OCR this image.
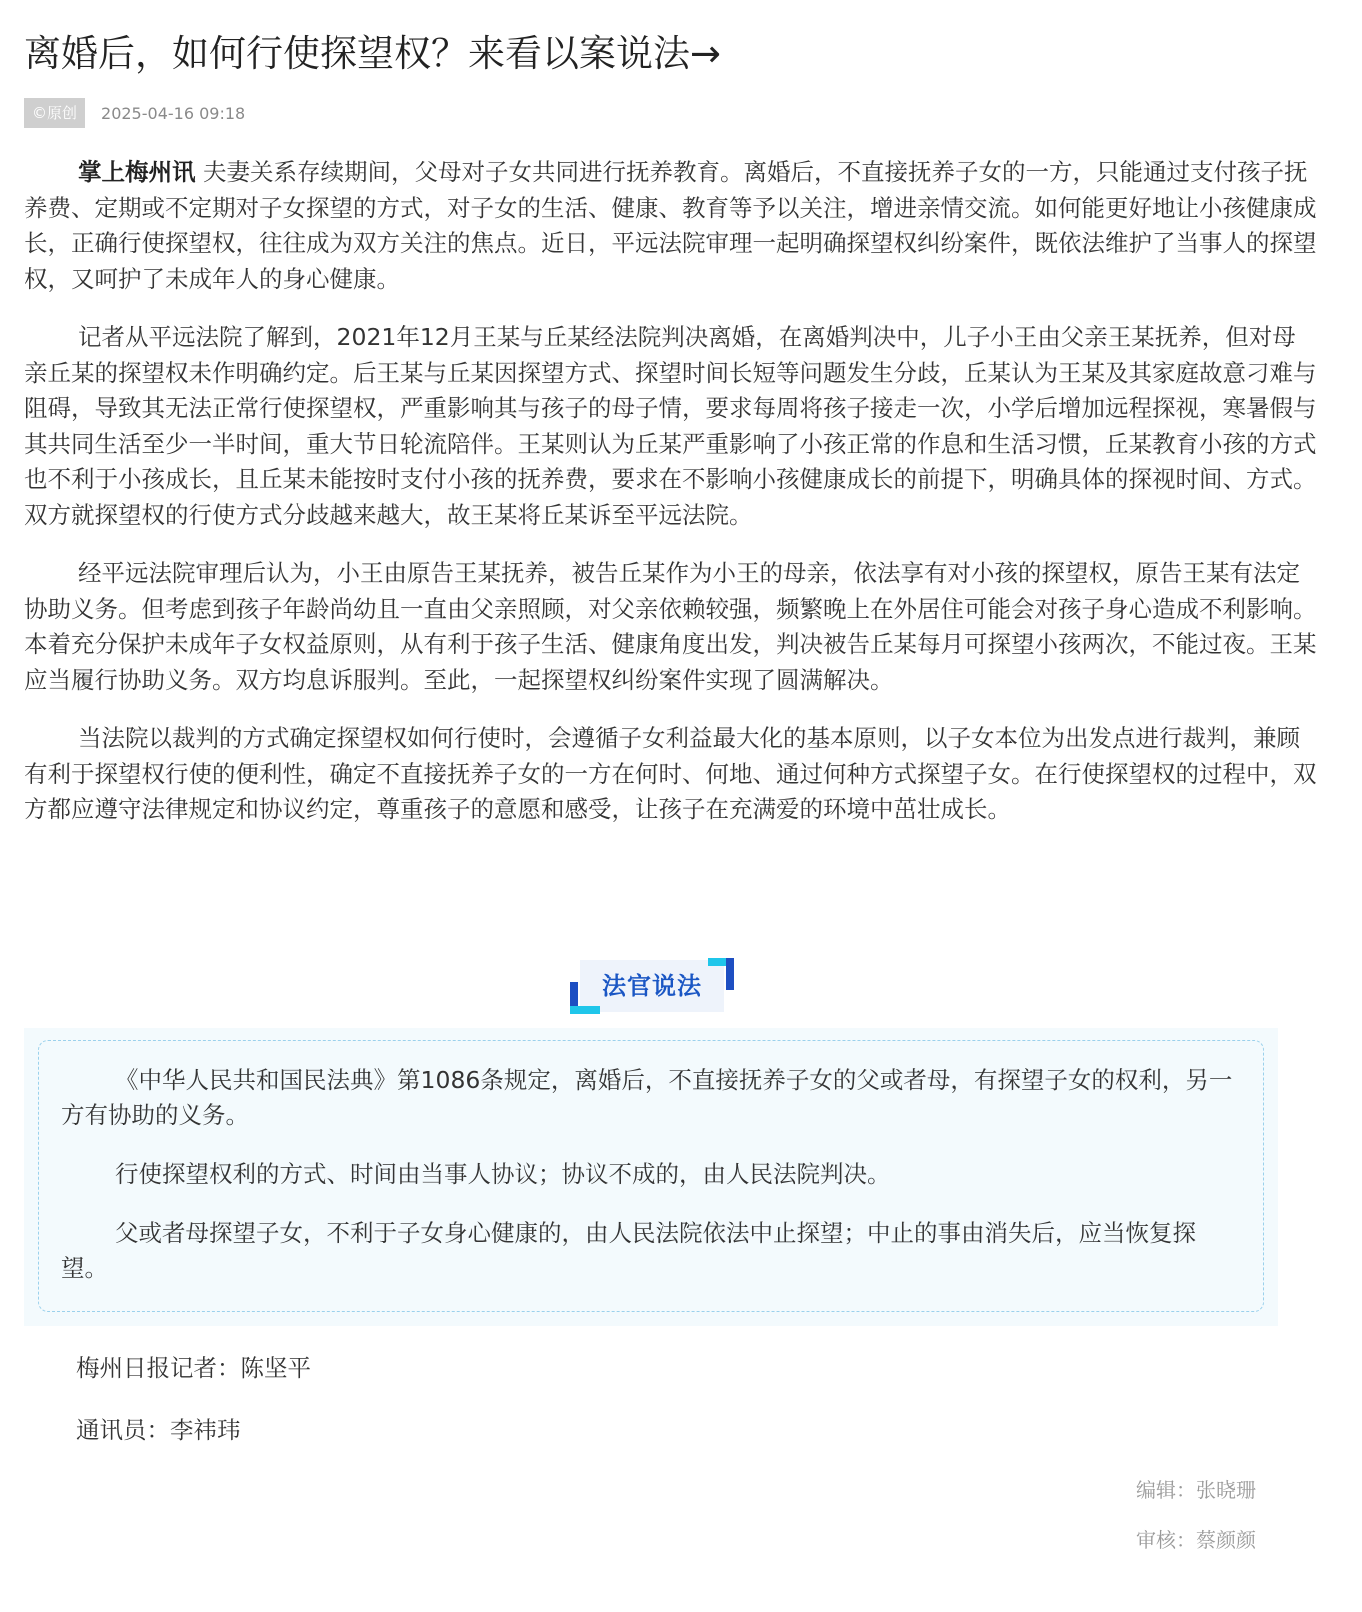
离婚后，如何行使探望权？来看以案说法→
©原创	2025-04-16 09:18

掌上梅州讯 夫妻关系存续期间，父母对子女共同进行抚养教育。离婚后，不直接抚养子女的一方，只能通过支付孩子抚养费、定期或不定期对子女探望的方式，对子女的生活、健康、教育等予以关注，增进亲情交流。如何能更好地让小孩健康成长，正确行使探望权，往往成为双方关注的焦点。近日，平远法院审理一起明确探望权纠纷案件，既依法维护了当事人的探望权，又呵护了未成年人的身心健康。

记者从平远法院了解到，2021年12月王某与丘某经法院判决离婚，在离婚判决中，儿子小王由父亲王某抚养，但对母亲丘某的探望权未作明确约定。后王某与丘某因探望方式、探望时间长短等问题发生分歧，丘某认为王某及其家庭故意刁难与阻碍，导致其无法正常行使探望权，严重影响其与孩子的母子情，要求每周将孩子接走一次，小学后增加远程探视，寒暑假与其共同生活至少一半时间，重大节日轮流陪伴。王某则认为丘某严重影响了小孩正常的作息和生活习惯，丘某教育小孩的方式也不利于小孩成长，且丘某未能按时支付小孩的抚养费，要求在不影响小孩健康成长的前提下，明确具体的探视时间、方式。双方就探望权的行使方式分歧越来越大，故王某将丘某诉至平远法院。

经平远法院审理后认为，小王由原告王某抚养，被告丘某作为小王的母亲，依法享有对小孩的探望权，原告王某有法定协助义务。但考虑到孩子年龄尚幼且一直由父亲照顾，对父亲依赖较强，频繁晚上在外居住可能会对孩子身心造成不利影响。本着充分保护未成年子女权益原则，从有利于孩子生活、健康角度出发，判决被告丘某每月可探望小孩两次，不能过夜。王某应当履行协助义务。双方均息诉服判。至此，一起探望权纠纷案件实现了圆满解决。

当法院以裁判的方式确定探望权如何行使时，会遵循子女利益最大化的基本原则，以子女本位为出发点进行裁判，兼顾有利于探望权行使的便利性，确定不直接抚养子女的一方在何时、何地、通过何种方式探望子女。在行使探望权的过程中，双方都应遵守法律规定和协议约定，尊重孩子的意愿和感受，让孩子在充满爱的环境中茁壮成长。

法官说法

《中华人民共和国民法典》第1086条规定，离婚后，不直接抚养子女的父或者母，有探望子女的权利，另一方有协助的义务。

行使探望权利的方式、时间由当事人协议；协议不成的，由人民法院判决。

父或者母探望子女，不利于子女身心健康的，由人民法院依法中止探望；中止的事由消失后，应当恢复探望。

梅州日报记者：陈坚平
通讯员：李祎玮
编辑：张晓珊
审核：蔡颜颜
